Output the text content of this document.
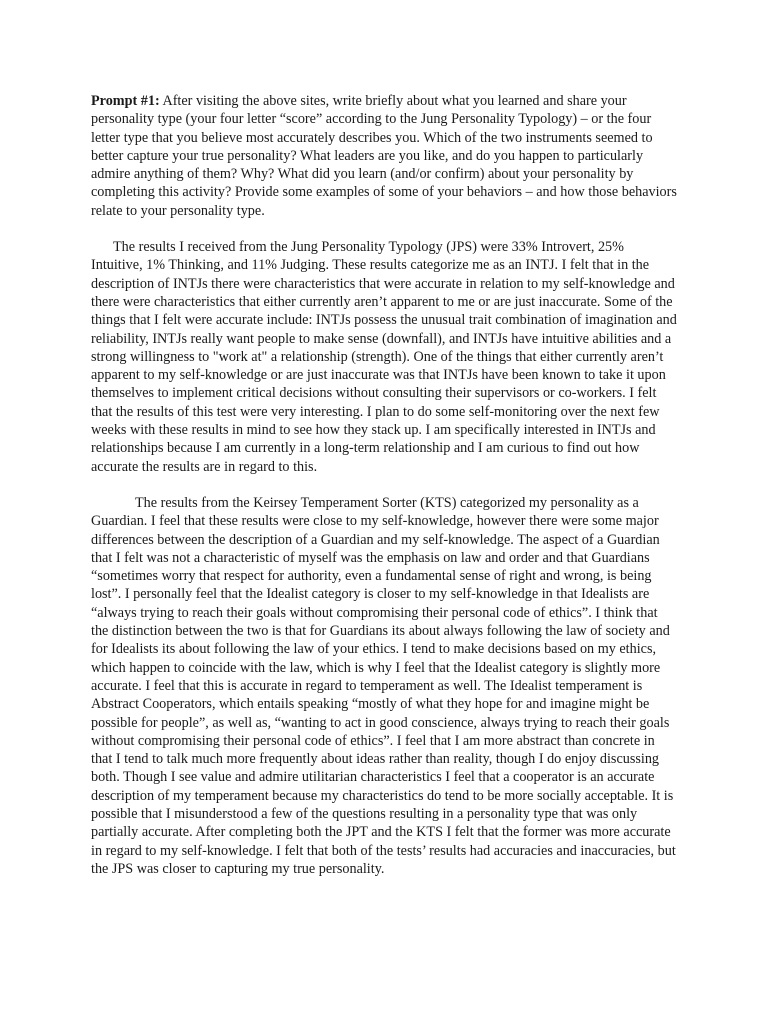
Prompt #1: After visiting the above sites, write briefly about what you learned and share your personality type (your four letter “score” according to the Jung Personality Typology) – or the four letter type that you believe most accurately describes you. Which of the two instruments seemed to better capture your true personality? What leaders are you like, and do you happen to particularly admire anything of them? Why? What did you learn (and/or confirm) about your personality by completing this activity? Provide some examples of some of your behaviors – and how those behaviors relate to your personality type.

The results I received from the Jung Personality Typology (JPS) were 33% Introvert, 25% Intuitive, 1% Thinking, and 11% Judging. These results categorize me as an INTJ. I felt that in the description of INTJs there were characteristics that were accurate in relation to my self-knowledge and there were characteristics that either currently aren’t apparent to me or are just inaccurate. Some of the things that I felt were accurate include: INTJs possess the unusual trait combination of imagination and reliability, INTJs really want people to make sense (downfall), and INTJs have intuitive abilities and a strong willingness to "work at" a relationship (strength). One of the things that either currently aren’t apparent to my self-knowledge or are just inaccurate was that INTJs have been known to take it upon themselves to implement critical decisions without consulting their supervisors or co-workers. I felt that the results of this test were very interesting. I plan to do some self-monitoring over the next few weeks with these results in mind to see how they stack up. I am specifically interested in INTJs and relationships because I am currently in a long-term relationship and I am curious to find out how accurate the results are in regard to this.

The results from the Keirsey Temperament Sorter (KTS) categorized my personality as a Guardian. I feel that these results were close to my self-knowledge, however there were some major differences between the description of a Guardian and my self-knowledge. The aspect of a Guardian that I felt was not a characteristic of myself was the emphasis on law and order and that Guardians “sometimes worry that respect for authority, even a fundamental sense of right and wrong, is being lost”. I personally feel that the Idealist category is closer to my self-knowledge in that Idealists are “always trying to reach their goals without compromising their personal code of ethics”. I think that the distinction between the two is that for Guardians its about always following the law of society and for Idealists its about following the law of your ethics. I tend to make decisions based on my ethics, which happen to coincide with the law, which is why I feel that the Idealist category is slightly more accurate. I feel that this is accurate in regard to temperament as well. The Idealist temperament is Abstract Cooperators, which entails speaking “mostly of what they hope for and imagine might be possible for people”, as well as, “wanting to act in good conscience, always trying to reach their goals without compromising their personal code of ethics”. I feel that I am more abstract than concrete in that I tend to talk much more frequently about ideas rather than reality, though I do enjoy discussing both. Though I see value and admire utilitarian characteristics I feel that a cooperator is an accurate description of my temperament because my characteristics do tend to be more socially acceptable. It is possible that I misunderstood a few of the questions resulting in a personality type that was only partially accurate. After completing both the JPT and the KTS I felt that the former was more accurate in regard to my self-knowledge. I felt that both of the tests’ results had accuracies and inaccuracies, but the JPS was closer to capturing my true personality.
